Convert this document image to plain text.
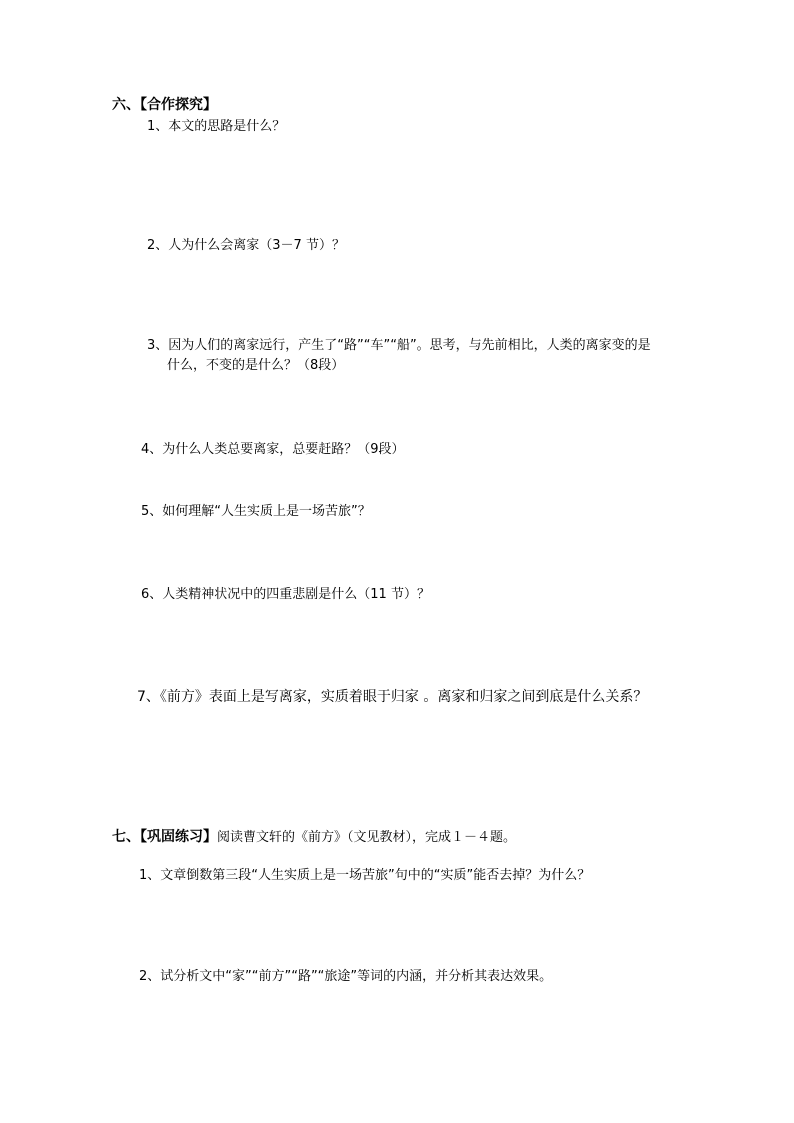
六、【合作探究】
1、本文的思路是什么？
2、人为什么会离家（3－7 节）？
3、因为人们的离家远行，产生了“路”“车”“船”。思考，与先前相比，人类的离家变的是
什么，不变的是什么？（8段）
4、为什么人类总要离家，总要赶路？（9段）
5、如何理解“人生实质上是一场苦旅”？
6、人类精神状况中的四重悲剧是什么（11 节）？
7、《前方》表面上是写离家，实质着眼于归家 。离家和归家之间到底是什么关系？
七、【巩固练习】阅读曹文轩的《前方》（文见教材），完成１－４题。
1、文章倒数第三段“人生实质上是一场苦旅”句中的“实质”能否去掉？为什么？
2、试分析文中“家”“前方”“路”“旅途”等词的内涵，并分析其表达效果。
